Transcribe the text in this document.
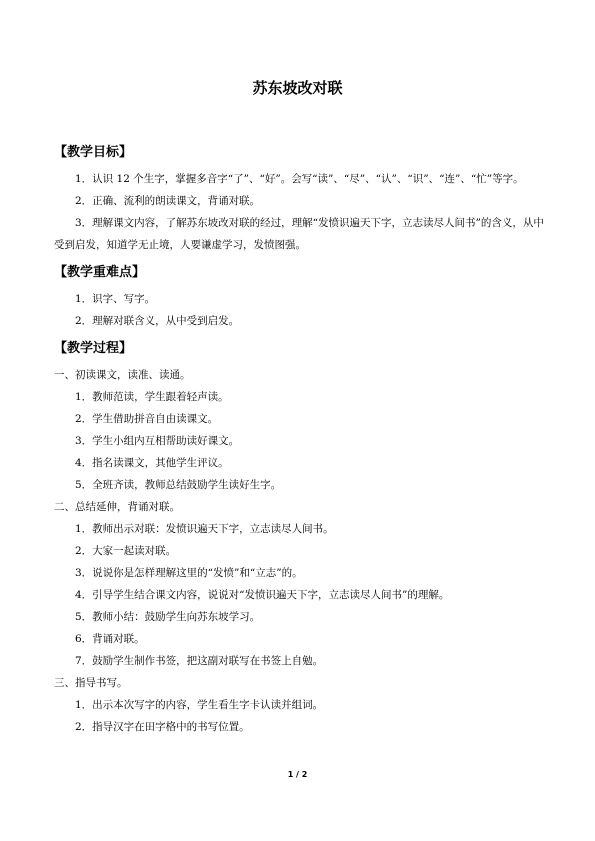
苏东坡改对联
【教学目标】

1．认识 12 个生字，掌握多音字“了”、“好”。会写“读”、“尽”、“认”、“识”、“连”、“忙”等字。

2．正确、流利的朗读课文，背诵对联。

3．理解课文内容，了解苏东坡改对联的经过，理解“发愤识遍天下字，立志读尽人间书”的含义，从中受到启发，知道学无止境，人要谦虚学习，发愤图强。

【教学重难点】

1．识字、写字。

2．理解对联含义，从中受到启发。

【教学过程】

一、初读课文，读准、读通。

1．教师范读，学生跟着轻声读。

2．学生借助拼音自由读课文。

3．学生小组内互相帮助读好课文。

4．指名读课文，其他学生评议。

5．全班齐读，教师总结鼓励学生读好生字。

二、总结延伸，背诵对联。

1．教师出示对联：发愤识遍天下字，立志读尽人间书。

2．大家一起读对联。

3．说说你是怎样理解这里的“发愤”和“立志”的。

4．引导学生结合课文内容，说说对“发愤识遍天下字，立志读尽人间书”的理解。

5．教师小结：鼓励学生向苏东坡学习。

6．背诵对联。

7．鼓励学生制作书签，把这副对联写在书签上自勉。

三、指导书写。

1．出示本次写字的内容，学生看生字卡认读并组词。

2．指导汉字在田字格中的书写位置。

1 / 2
